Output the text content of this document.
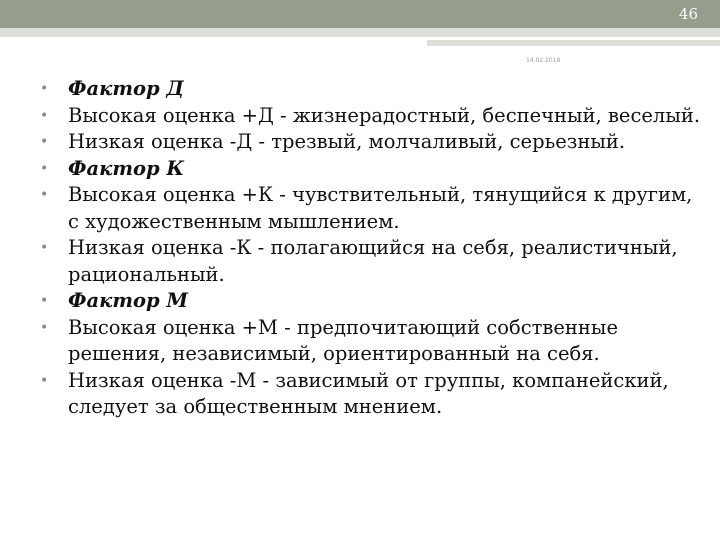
46
14.02.2018
•	Фактор Д
•	Высокая оценка +Д - жизнерадостный, беспечный, веселый.
•	Низкая оценка -Д - трезвый, молчаливый, серьезный.
•	Фактор К
•	Высокая оценка +К - чувствительный, тянущийся к другим, с художественным мышлением.
•	Низкая оценка -К - полагающийся на себя, реалистичный, рациональный.
•	Фактор М
•	Высокая оценка +М - предпочитающий собственные решения, независимый, ориентированный на себя.
•	Низкая оценка -М - зависимый от группы, компанейский, следует за общественным мнением.
